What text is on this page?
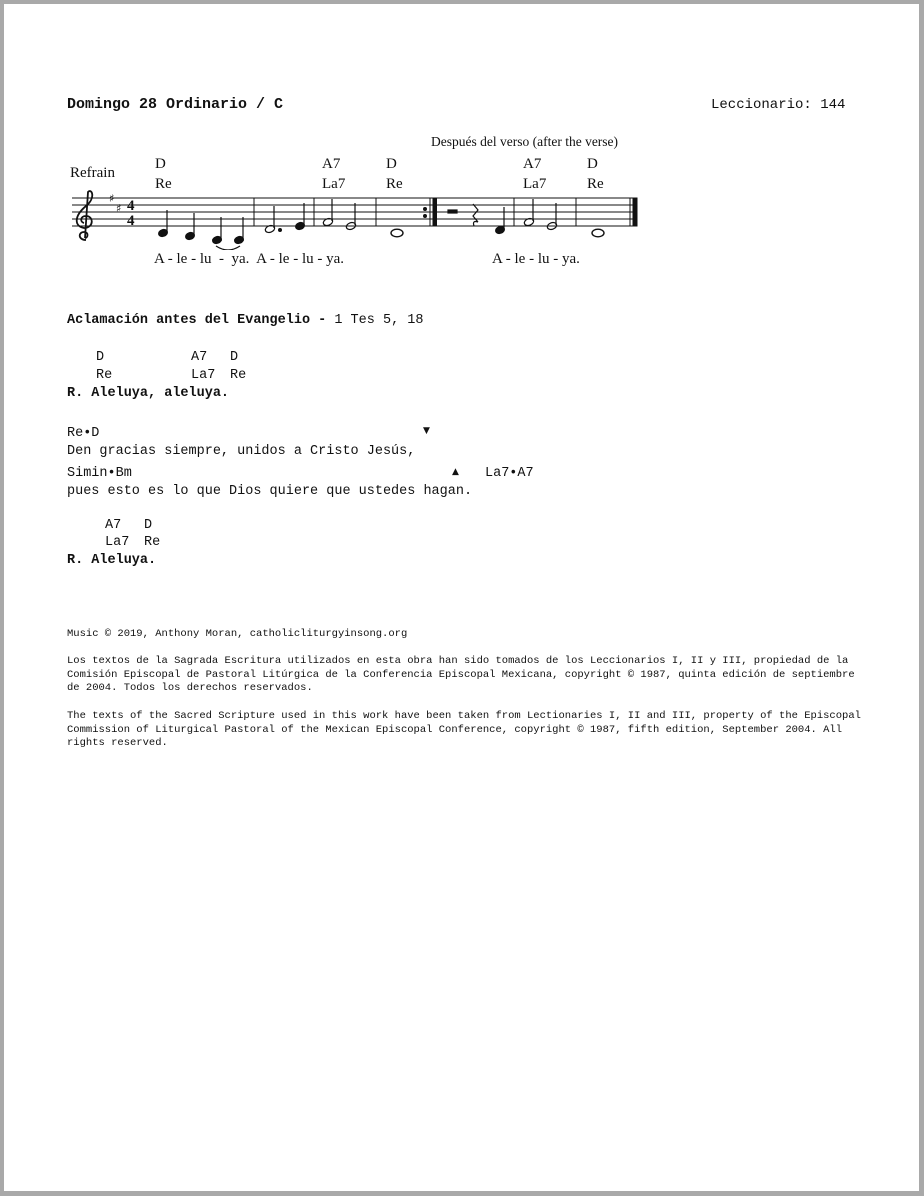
Domingo 28 Ordinario / C	Leccionario: 144
Después del verso (after the verse)
Refrain
D
Re
A7
La7
D
Re
A7
La7
D
Re
♯
♯ 4
4
A - le - lu - ya. A - le - lu - ya.	A - le - lu - ya.
Aclamación antes del Evangelio - 1 Tes 5, 18
D
Re
A7
La7
D
Re
R. Aleluya, aleluya.
Re•D	▼
Den gracias siempre, unidos a Cristo Jesús,
Simin•Bm	▲ La7•A7
pues esto es lo que Dios quiere que ustedes hagan.
A7
La7
D
Re
R. Aleluya.
Music © 2019, Anthony Moran, catholicliturgyinsong.org
Los textos de la Sagrada Escritura utilizados en esta obra han sido tomados de los Leccionarios I, II y III, propiedad de la Comisión Episcopal de Pastoral Litúrgica de la Conferencia Episcopal Mexicana, copyright © 1987, quinta edición de septiembre de 2004. Todos los derechos reservados.
The texts of the Sacred Scripture used in this work have been taken from Lectionaries I, II and III, property of the Episcopal Commission of Liturgical Pastoral of the Mexican Episcopal Conference, copyright © 1987, fifth edition, September 2004. All rights reserved.
